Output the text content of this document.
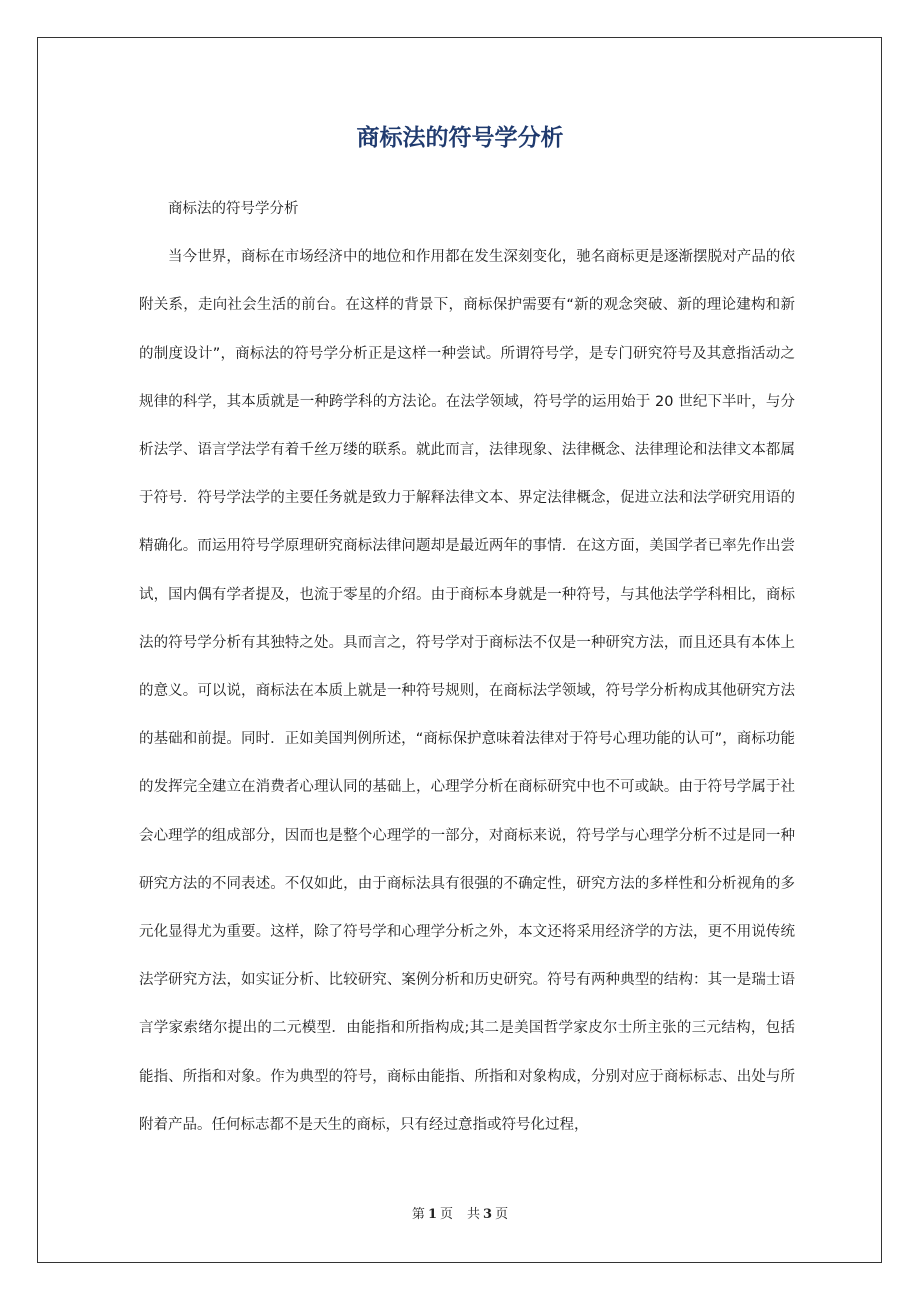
商标法的符号学分析

商标法的符号学分析

当今世界，商标在市场经济中的地位和作用都在发生深刻变化，驰名商标更是逐渐摆脱对产品的依附关系，走向社会生活的前台。在这样的背景下，商标保护需要有“新的观念突破、新的理论建构和新的制度设计”，商标法的符号学分析正是这样一种尝试。所谓符号学，是专门研究符号及其意指活动之规律的科学，其本质就是一种跨学科的方法论。在法学领域，符号学的运用始于 20 世纪下半叶，与分析法学、语言学法学有着千丝万缕的联系。就此而言，法律现象、法律概念、法律理论和法律文本都属于符号．符号学法学的主要任务就是致力于解释法律文本、界定法律概念，促进立法和法学研究用语的精确化。而运用符号学原理研究商标法律问题却是最近两年的事情．在这方面，美国学者已率先作出尝试，国内偶有学者提及，也流于零星的介绍。由于商标本身就是一种符号，与其他法学学科相比，商标法的符号学分析有其独特之处。具而言之，符号学对于商标法不仅是一种研究方法，而且还具有本体上的意义。可以说，商标法在本质上就是一种符号规则，在商标法学领域，符号学分析构成其他研究方法的基础和前提。同时．正如美国判例所述，“商标保护意味着法律对于符号心理功能的认可”，商标功能的发挥完全建立在消费者心理认同的基础上，心理学分析在商标研究中也不可或缺。由于符号学属于社会心理学的组成部分，因而也是整个心理学的一部分，对商标来说，符号学与心理学分析不过是同一种研究方法的不同表述。不仅如此，由于商标法具有很强的不确定性，研究方法的多样性和分析视角的多元化显得尤为重要。这样，除了符号学和心理学分析之外，本文还将采用经济学的方法，更不用说传统法学研究方法，如实证分析、比较研究、案例分析和历史研究。符号有两种典型的结构：其一是瑞士语言学家索绪尔提出的二元模型．由能指和所指构成;其二是美国哲学家皮尔士所主张的三元结构，包括能指、所指和对象。作为典型的符号，商标由能指、所指和对象构成，分别对应于商标标志、出处与所附着产品。任何标志都不是天生的商标，只有经过意指或符号化过程，

第 1 页 共 3 页
